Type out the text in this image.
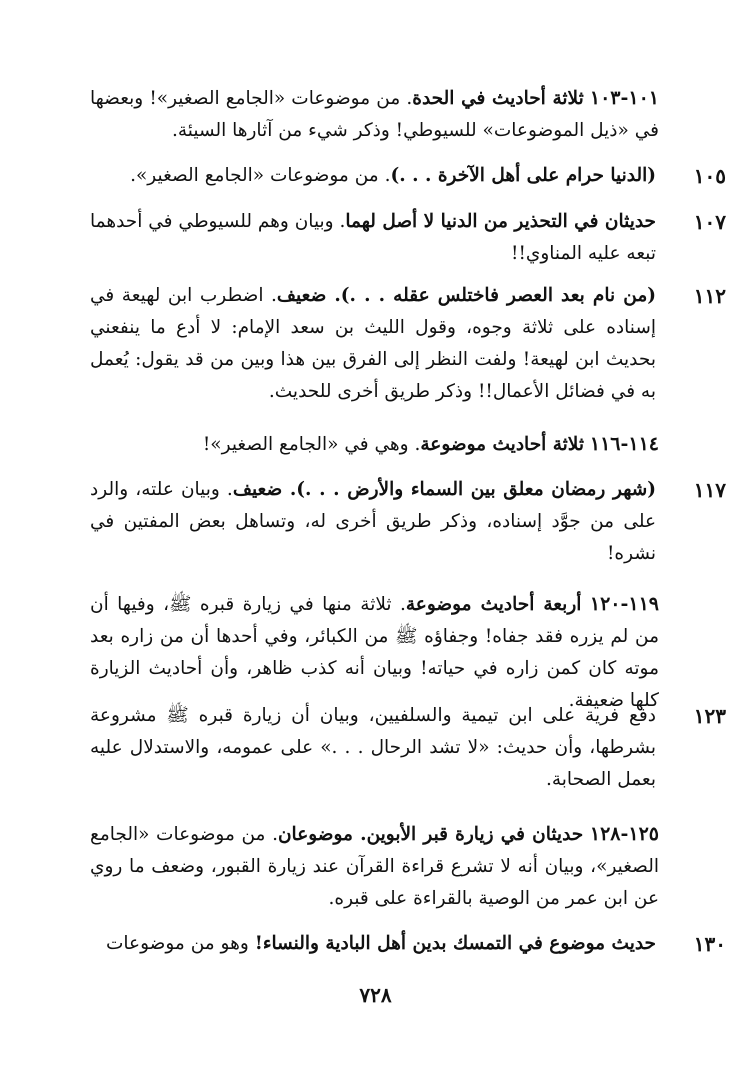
١٠١-١٠٣ ثلاثة أحاديث في الحدة. من موضوعات «الجامع الصغير»! وبعضها في «ذيل الموضوعات» للسيوطي! وذكر شيء من آثارها السيئة.
١٠٥
(الدنيا حرام على أهل الآخرة . . .). من موضوعات «الجامع الصغير».
١٠٧
حديثان في التحذير من الدنيا لا أصل لهما. وبيان وهم للسيوطي في أحدهما تبعه عليه المناوي!!
١١٢
(من نام بعد العصر فاختلس عقله . . .). ضعيف. اضطرب ابن لهيعة في إسناده على ثلاثة وجوه، وقول الليث بن سعد الإمام: لا أدع ما ينفعني بحديث ابن لهيعة! ولفت النظر إلى الفرق بين هذا وبين من قد يقول: يُعمل به في فضائل الأعمال!! وذكر طريق أخرى للحديث.
١١٤-١١٦ ثلاثة أحاديث موضوعة. وهي في «الجامع الصغير»!
١١٧
(شهر رمضان معلق بين السماء والأرض . . .). ضعيف. وبيان علته، والرد على من جوَّد إسناده، وذكر طريق أخرى له، وتساهل بعض المفتين في نشره!
١١٩-١٢٠ أربعة أحاديث موضوعة. ثلاثة منها في زيارة قبره ﷺ، وفيها أن من لم يزره فقد جفاه! وجفاؤه ﷺ من الكبائر، وفي أحدها أن من زاره بعد موته كان كمن زاره في حياته! وبيان أنه كذب ظاهر، وأن أحاديث الزيارة كلها ضعيفة.
١٢٣
دفع فرية على ابن تيمية والسلفيين، وبيان أن زيارة قبره ﷺ مشروعة بشرطها، وأن حديث: «لا تشد الرحال . . .» على عمومه، والاستدلال عليه بعمل الصحابة.
١٢٥-١٢٨ حديثان في زيارة قبر الأبوين. موضوعان. من موضوعات «الجامع الصغير»، وبيان أنه لا تشرع قراءة القرآن عند زيارة القبور، وضعف ما روي عن ابن عمر من الوصية بالقراءة على قبره.
١٣٠
حديث موضوع في التمسك بدين أهل البادية والنساء! وهو من موضوعات
٧٢٨
